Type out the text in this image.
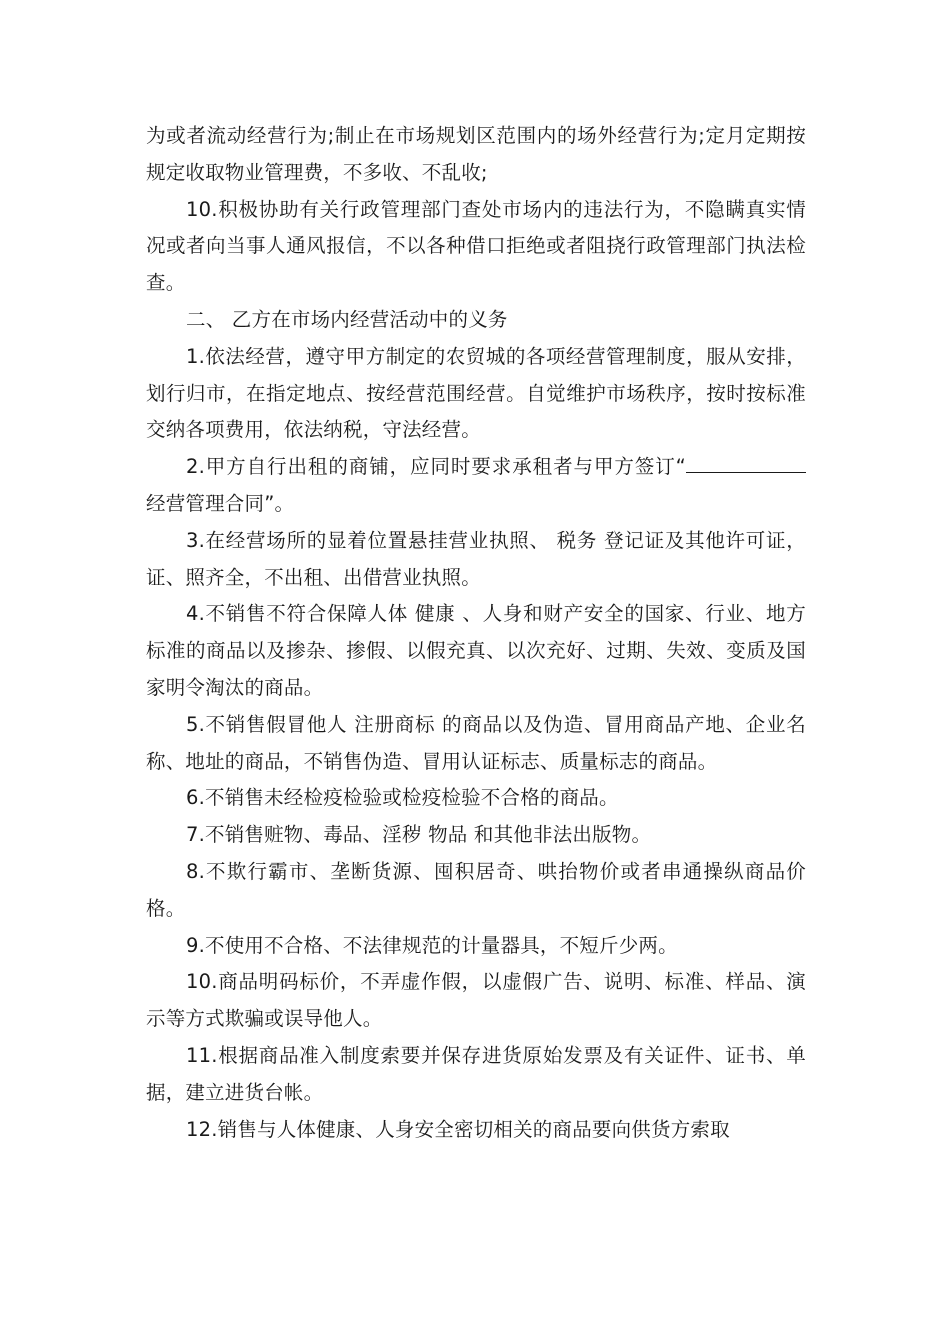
为或者流动经营行为;制止在市场规划区范围内的场外经营行为;定月定期按规定收取物业管理费，不多收、不乱收;

10.积极协助有关行政管理部门查处市场内的违法行为，不隐瞒真实情况或者向当事人通风报信，不以各种借口拒绝或者阻挠行政管理部门执法检查。

二、 乙方在市场内经营活动中的义务

1.依法经营，遵守甲方制定的农贸城的各项经营管理制度，服从安排，划行归市，在指定地点、按经营范围经营。自觉维护市场秩序，按时按标准交纳各项费用，依法纳税，守法经营。

2.甲方自行出租的商铺，应同时要求承租者与甲方签订“经营管理合同”。

3.在经营场所的显着位置悬挂营业执照、 税务 登记证及其他许可证，证、照齐全，不出租、出借营业执照。

4.不销售不符合保障人体 健康 、人身和财产安全的国家、行业、地方标准的商品以及掺杂、掺假、以假充真、以次充好、过期、失效、变质及国家明令淘汰的商品。

5.不销售假冒他人 注册商标 的商品以及伪造、冒用商品产地、企业名称、地址的商品，不销售伪造、冒用认证标志、质量标志的商品。

6.不销售未经检疫检验或检疫检验不合格的商品。

7.不销售赃物、毒品、淫秽 物品 和其他非法出版物。

8.不欺行霸市、垄断货源、囤积居奇、哄抬物价或者串通操纵商品价格。

9.不使用不合格、不法律规范的计量器具，不短斤少两。

10.商品明码标价，不弄虚作假，以虚假广告、说明、标准、样品、演示等方式欺骗或误导他人。

11.根据商品准入制度索要并保存进货原始发票及有关证件、证书、单据，建立进货台帐。

12.销售与人体健康、人身安全密切相关的商品要向供货方索取
